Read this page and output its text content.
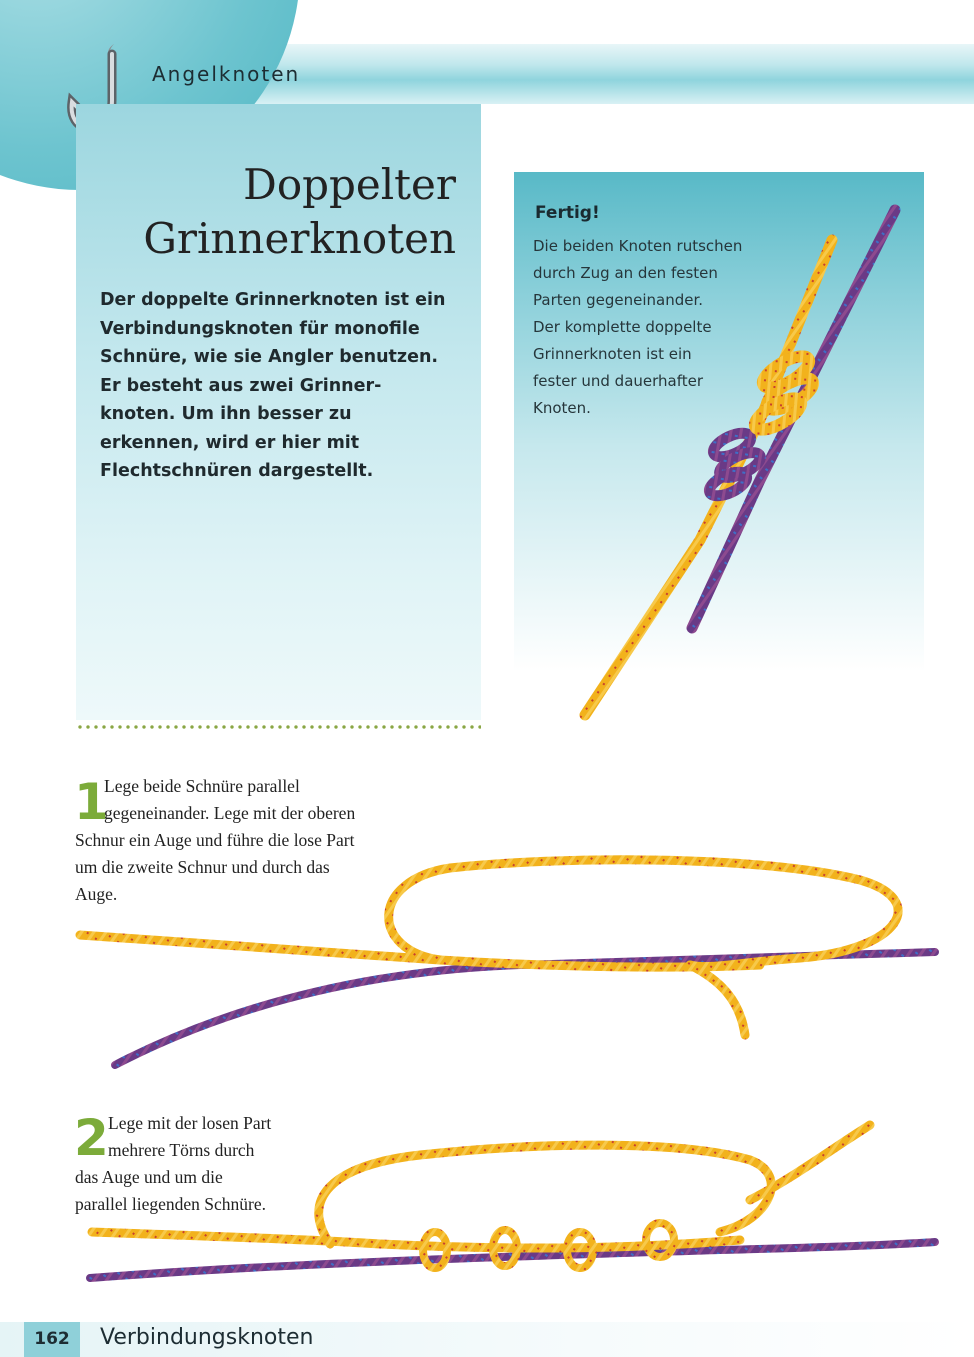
Angelknoten
Doppelter
Grinnerknoten
Der doppelte Grinnerknoten ist ein
Verbindungsknoten für monofile
Schnüre, wie sie Angler benutzen.
Er besteht aus zwei Grinner-
knoten. Um ihn besser zu
erkennen, wird er hier mit
Flechtschnüren dargestellt.
Fertig!
Die beiden Knoten rutschen
durch Zug an den festen
Parten gegeneinander.
Der komplette doppelte
Grinnerknoten ist ein
fester und dauerhafter
Knoten.
1
Lege beide Schnüre parallel
gegeneinander. Lege mit der oberen
Schnur ein Auge und führe die lose Part
um die zweite Schnur und durch das
Auge.
2 Lege mit der losen Part
mehrere Törns durch
das Auge und um die
parallel liegenden Schnüre.
162	Verbindungsknoten
